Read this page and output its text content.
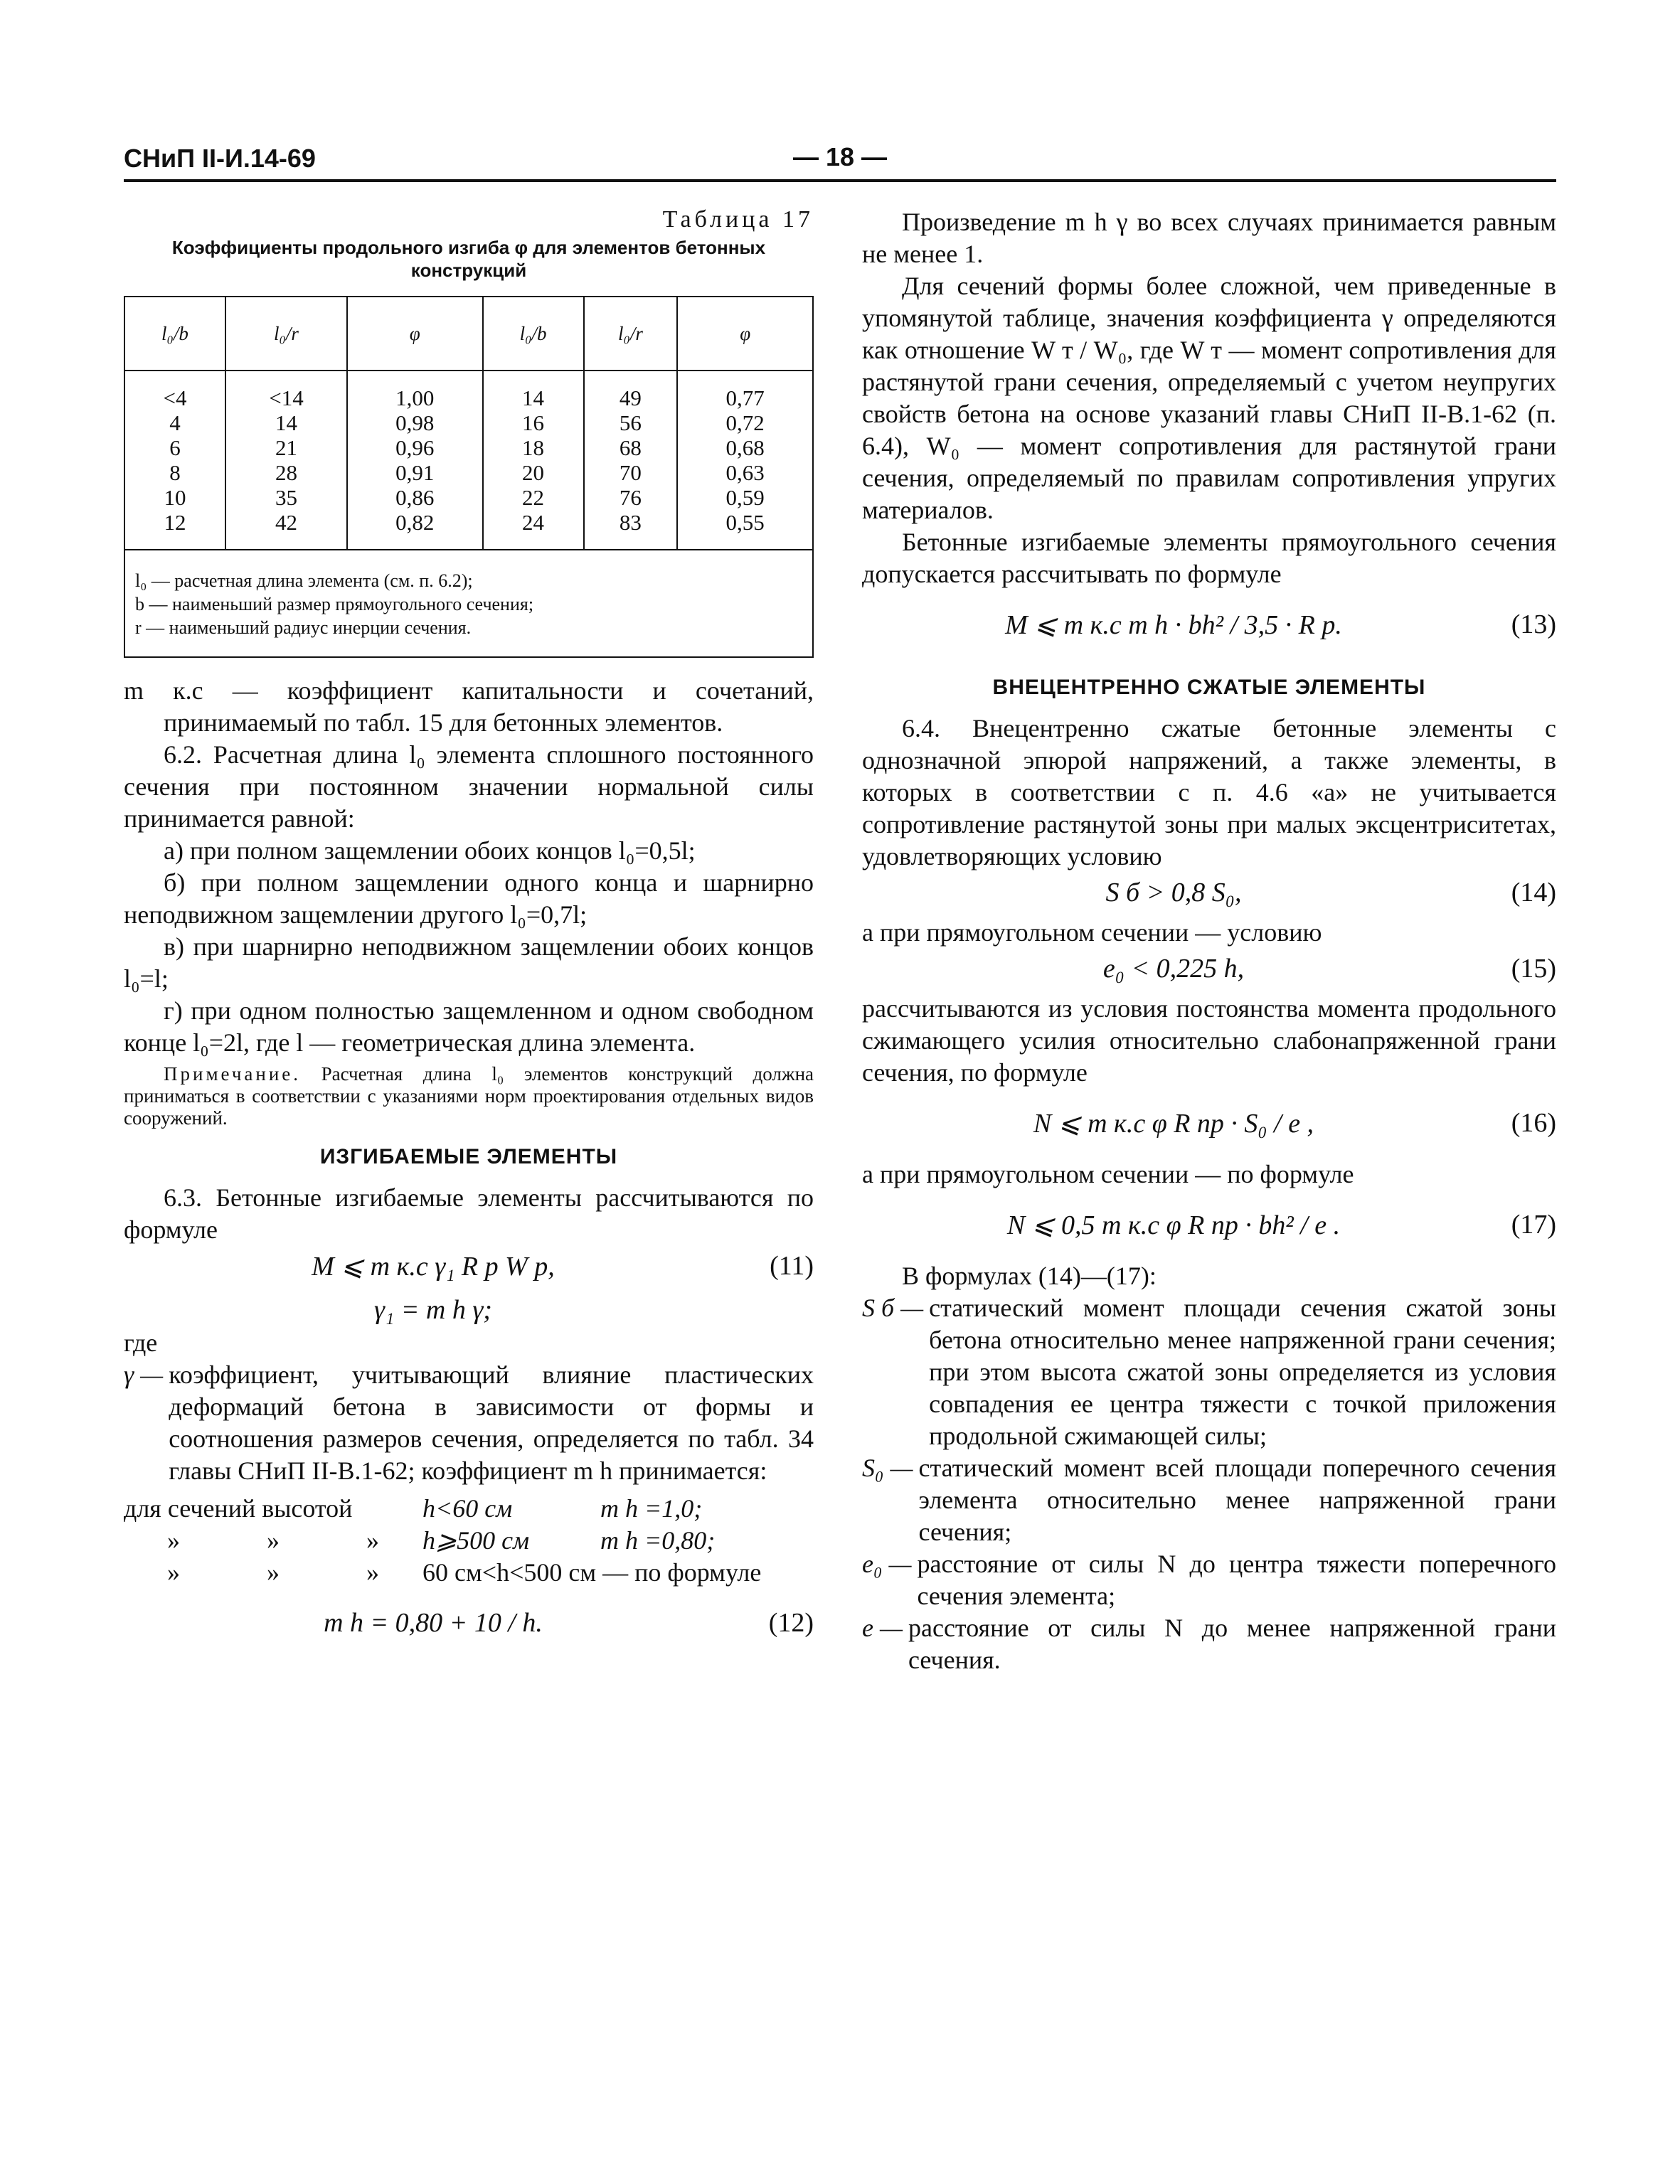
СНиП II-И.14-69	— 18 —
Таблица 17
Коэффициенты продольного изгиба φ для элементов бетонных конструкций
l₀/b	l₀/r	φ	l₀/b	l₀/r	φ
<4	<14	1,00	14	49	0,77
4	14	0,98	16	56	0,72
6	21	0,96	18	68	0,68
8	28	0,91	20	70	0,63
10	35	0,86	22	76	0,59
12	42	0,82	24	83	0,55

l₀ — расчетная длина элемента (см. п. 6.2);
b — наименьший размер прямоугольного сечения;
r — наименьший радиус инерции сечения.					

m к.с — коэффициент капитальности и сочетаний, принимаемый по табл. 15 для бетонных элементов.

6.2. Расчетная длина l₀ элемента сплошного постоянного сечения при постоянном значении нормальной силы принимается равной:

а) при полном защемлении обоих концов l₀=0,5l;

б) при полном защемлении одного конца и шарнирно неподвижном защемлении другого l₀=0,7l;

в) при шарнирно неподвижном защемлении обоих концов l₀=l;

г) при одном полностью защемленном и одном свободном конце l₀=2l, где l — геометрическая длина элемента.

Примечание. Расчетная длина l₀ элементов конструкций должна приниматься в соответствии с указаниями норм проектирования отдельных видов сооружений.

ИЗГИБАЕМЫЕ ЭЛЕМЕНТЫ

6.3. Бетонные изгибаемые элементы рассчитываются по формуле

M ⩽ m к.с γ₁ R р W р,	(11)
γ₁ = m h γ;

где

γ — коэффициент, учитывающий влияние пластических деформаций бетона в зависимости от формы и соотношения размеров сечения, определяется по табл. 34 главы СНиП II-В.1-62; коэффициент m h принимается:
для сечений высотой	h<60 см	m h =1,0;
»	»	»	h⩾500 см	m h =0,80;
»	»	»	60 см<h<500 см — по формуле
m h = 0,80 + 10 / h.	(12)

Произведение m h γ во всех случаях принимается равным не менее 1.

Для сечений формы более сложной, чем приведенные в упомянутой таблице, значения коэффициента γ определяются как отношение W т / W₀, где W т — момент сопротивления для растянутой грани сечения, определяемый с учетом неупругих свойств бетона на основе указаний главы СНиП II-В.1-62 (п. 6.4), W₀ — момент сопротивления для растянутой грани сечения, определяемый по правилам сопротивления упругих материалов.

Бетонные изгибаемые элементы прямоугольного сечения допускается рассчитывать по формуле

M ⩽ m к.с m h · bh² / 3,5 · R р.	(13)
ВНЕЦЕНТРЕННО СЖАТЫЕ ЭЛЕМЕНТЫ

6.4. Внецентренно сжатые бетонные элементы с однозначной эпюрой напряжений, а также элементы, в которых в соответствии с п. 4.6 «а» не учитывается сопротивление растянутой зоны при малых эксцентриситетах, удовлетворяющих условию

S б > 0,8 S₀,	(14)

а при прямоугольном сечении — условию

e₀ < 0,225 h,	(15)

рассчитываются из условия постоянства момента продольного сжимающего усилия относительно слабонапряженной грани сечения, по формуле

N ⩽ m к.с φ R пр · S₀ / e ,	(16)

а при прямоугольном сечении — по формуле

N ⩽ 0,5 m к.с φ R пр · bh² / e .	(17)

В формулах (14)—(17):

S б — статический момент площади сечения сжатой зоны бетона относительно менее напряженной грани сечения; при этом высота сжатой зоны определяется из условия совпадения ее центра тяжести с точкой приложения продольной сжимающей силы;
S₀ — статический момент всей площади поперечного сечения элемента относительно менее напряженной грани сечения;
e₀ — расстояние от силы N до центра тяжести поперечного сечения элемента;
e — расстояние от силы N до менее напряженной грани сечения.
